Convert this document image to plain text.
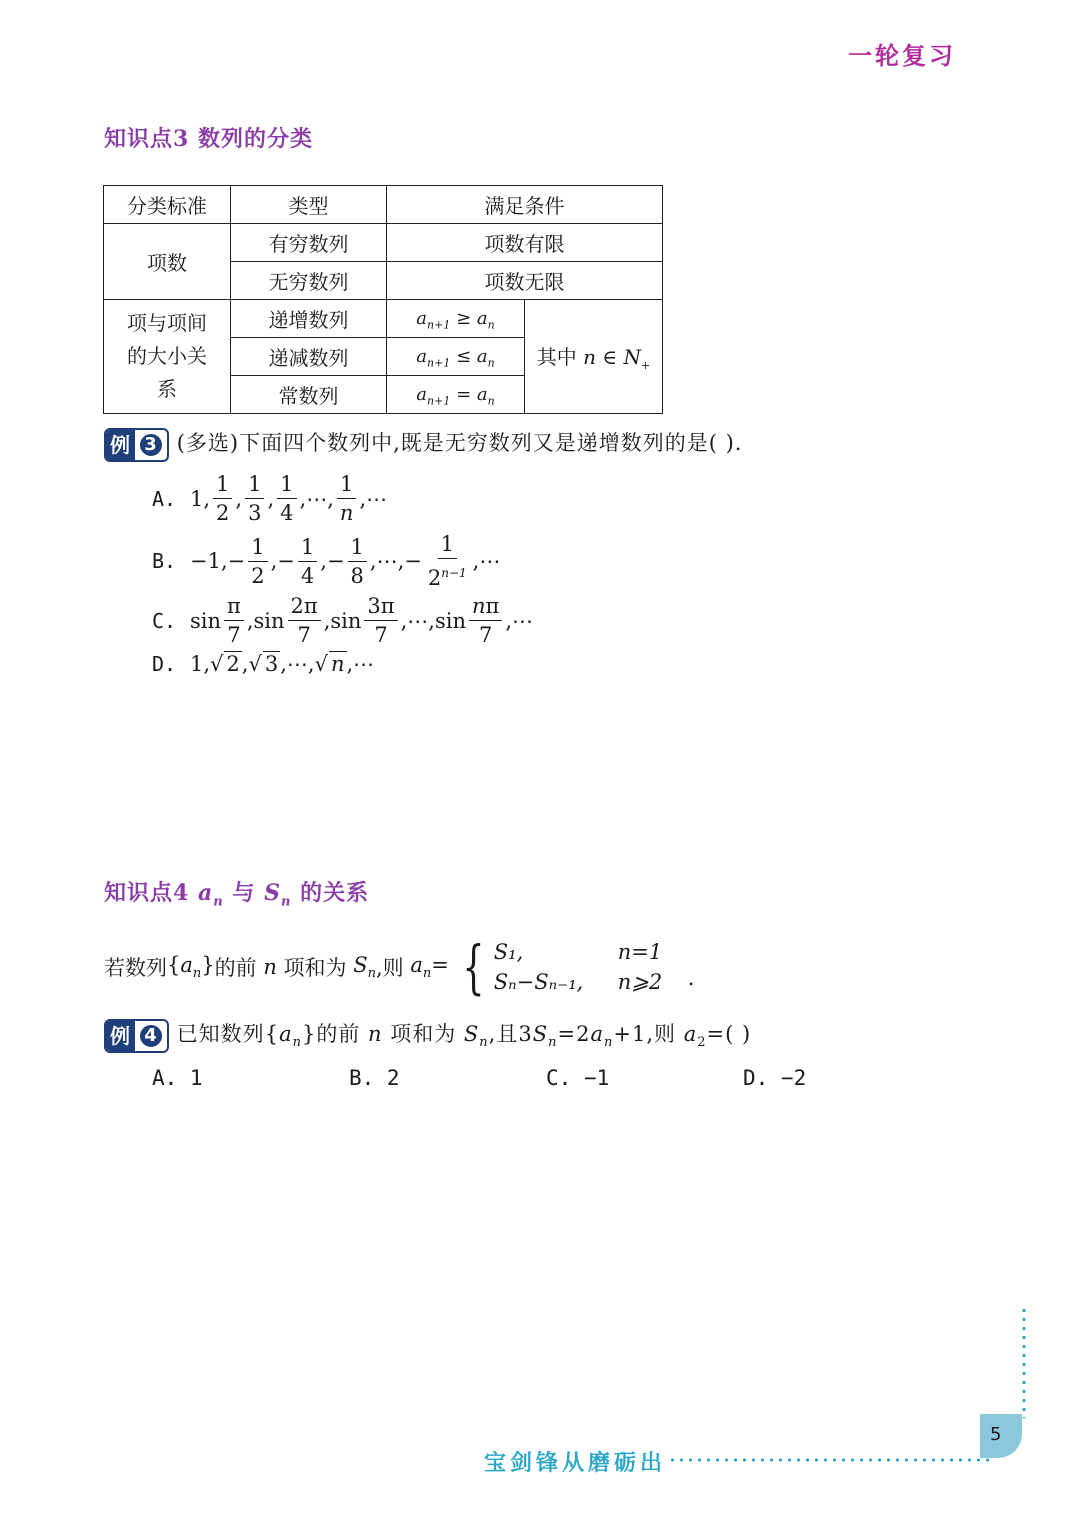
一轮复习
知识点3 数列的分类
分类标准	类型	满足条件	
项数	有穷数列	项数有限	
	无穷数列	项数无限	

项与项间
的大小关
系	递增数列	$a_{n+1} \ge a_n$	其中 n ∈ $N_+$
	递减数列	$a_{n+1} \le a_n$
	常数列	$a_{n+1} = a_n$
例 3 (多选)下面四个数列中,既是无穷数列又是递增数列的是( ).
A. 1, $\frac{1}{2}$ , $\frac{1}{3}$ , $\frac{1}{4}$ ,⋯, $\frac{1}{n}$ ,⋯
B. $-1,- \frac{1}{2}$ ,− $\frac{1}{4}$ ,− $\frac{1}{8}$ ,⋯,− $\frac{1}{2^{n-1}}$ ,⋯
C. $\sin \frac{\pi}{7} ,\sin \frac{2\pi}{7} ,\sin \frac{3\pi}{7}$ ,⋯,sin $\frac{n\pi}{7}$ ,⋯
D. 1,√ 2,√ 3,⋯,√ n,⋯
知识点4 $a_n$ 与 $S_n$ 的关系
若数列 $\{a_n\}$ 的前 n 项和为 $S_n$ ,则 $a_n=$ { S₁,	n=1
Sₙ−Sₙ₋₁,	n⩾2	.
例 4 已知数列$\{a_n\}$的前 n 项和为 $S_n$,且$3S_n=2a_n+1$,则 $a_2=$( )
A. 1	B. 2	C. −1	D. −2
5
宝剑锋从磨砺出
